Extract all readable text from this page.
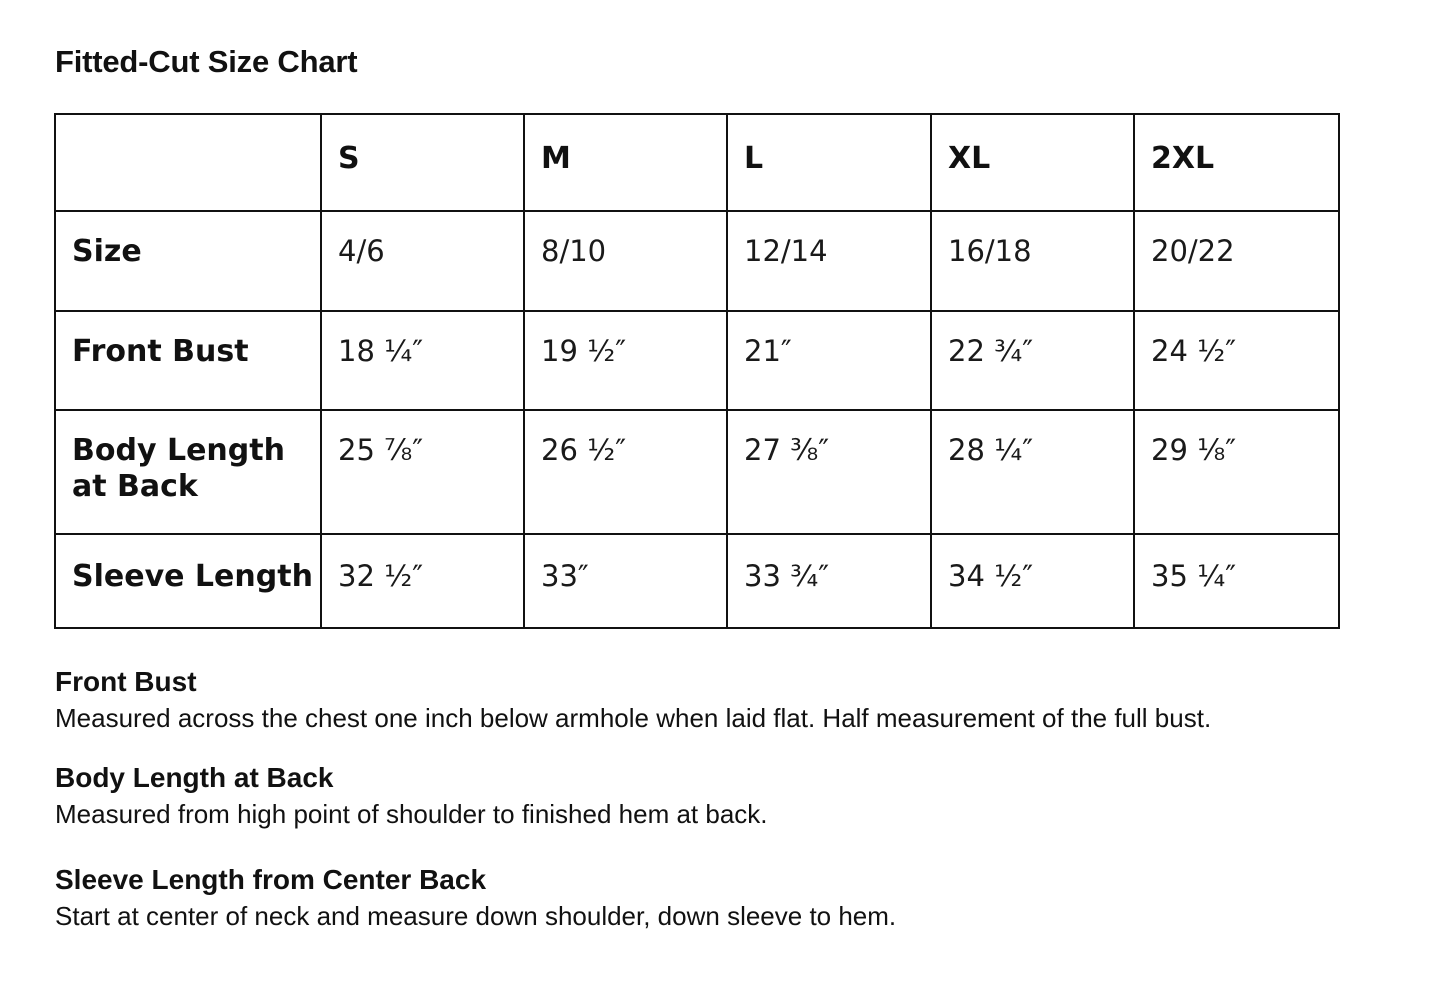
Fitted-Cut Size Chart
	S	M	L	XL	2XL
Size	4/6	8/10	12/14	16/18	20/22
Front Bust	18 ¼″	19 ½″	21″	22 ¾″	24 ½″
Body Length
at Back	25 ⅞″	26 ½″	27 ⅜″	28 ¼″	29 ⅛″
Sleeve Length	32 ½″	33″	33 ¾″	34 ½″	35 ¼″
Front Bust

Measured across the chest one inch below armhole when laid flat. Half measurement of the full bust.

Body Length at Back

Measured from high point of shoulder to finished hem at back.

Sleeve Length from Center Back

Start at center of neck and measure down shoulder, down sleeve to hem.
